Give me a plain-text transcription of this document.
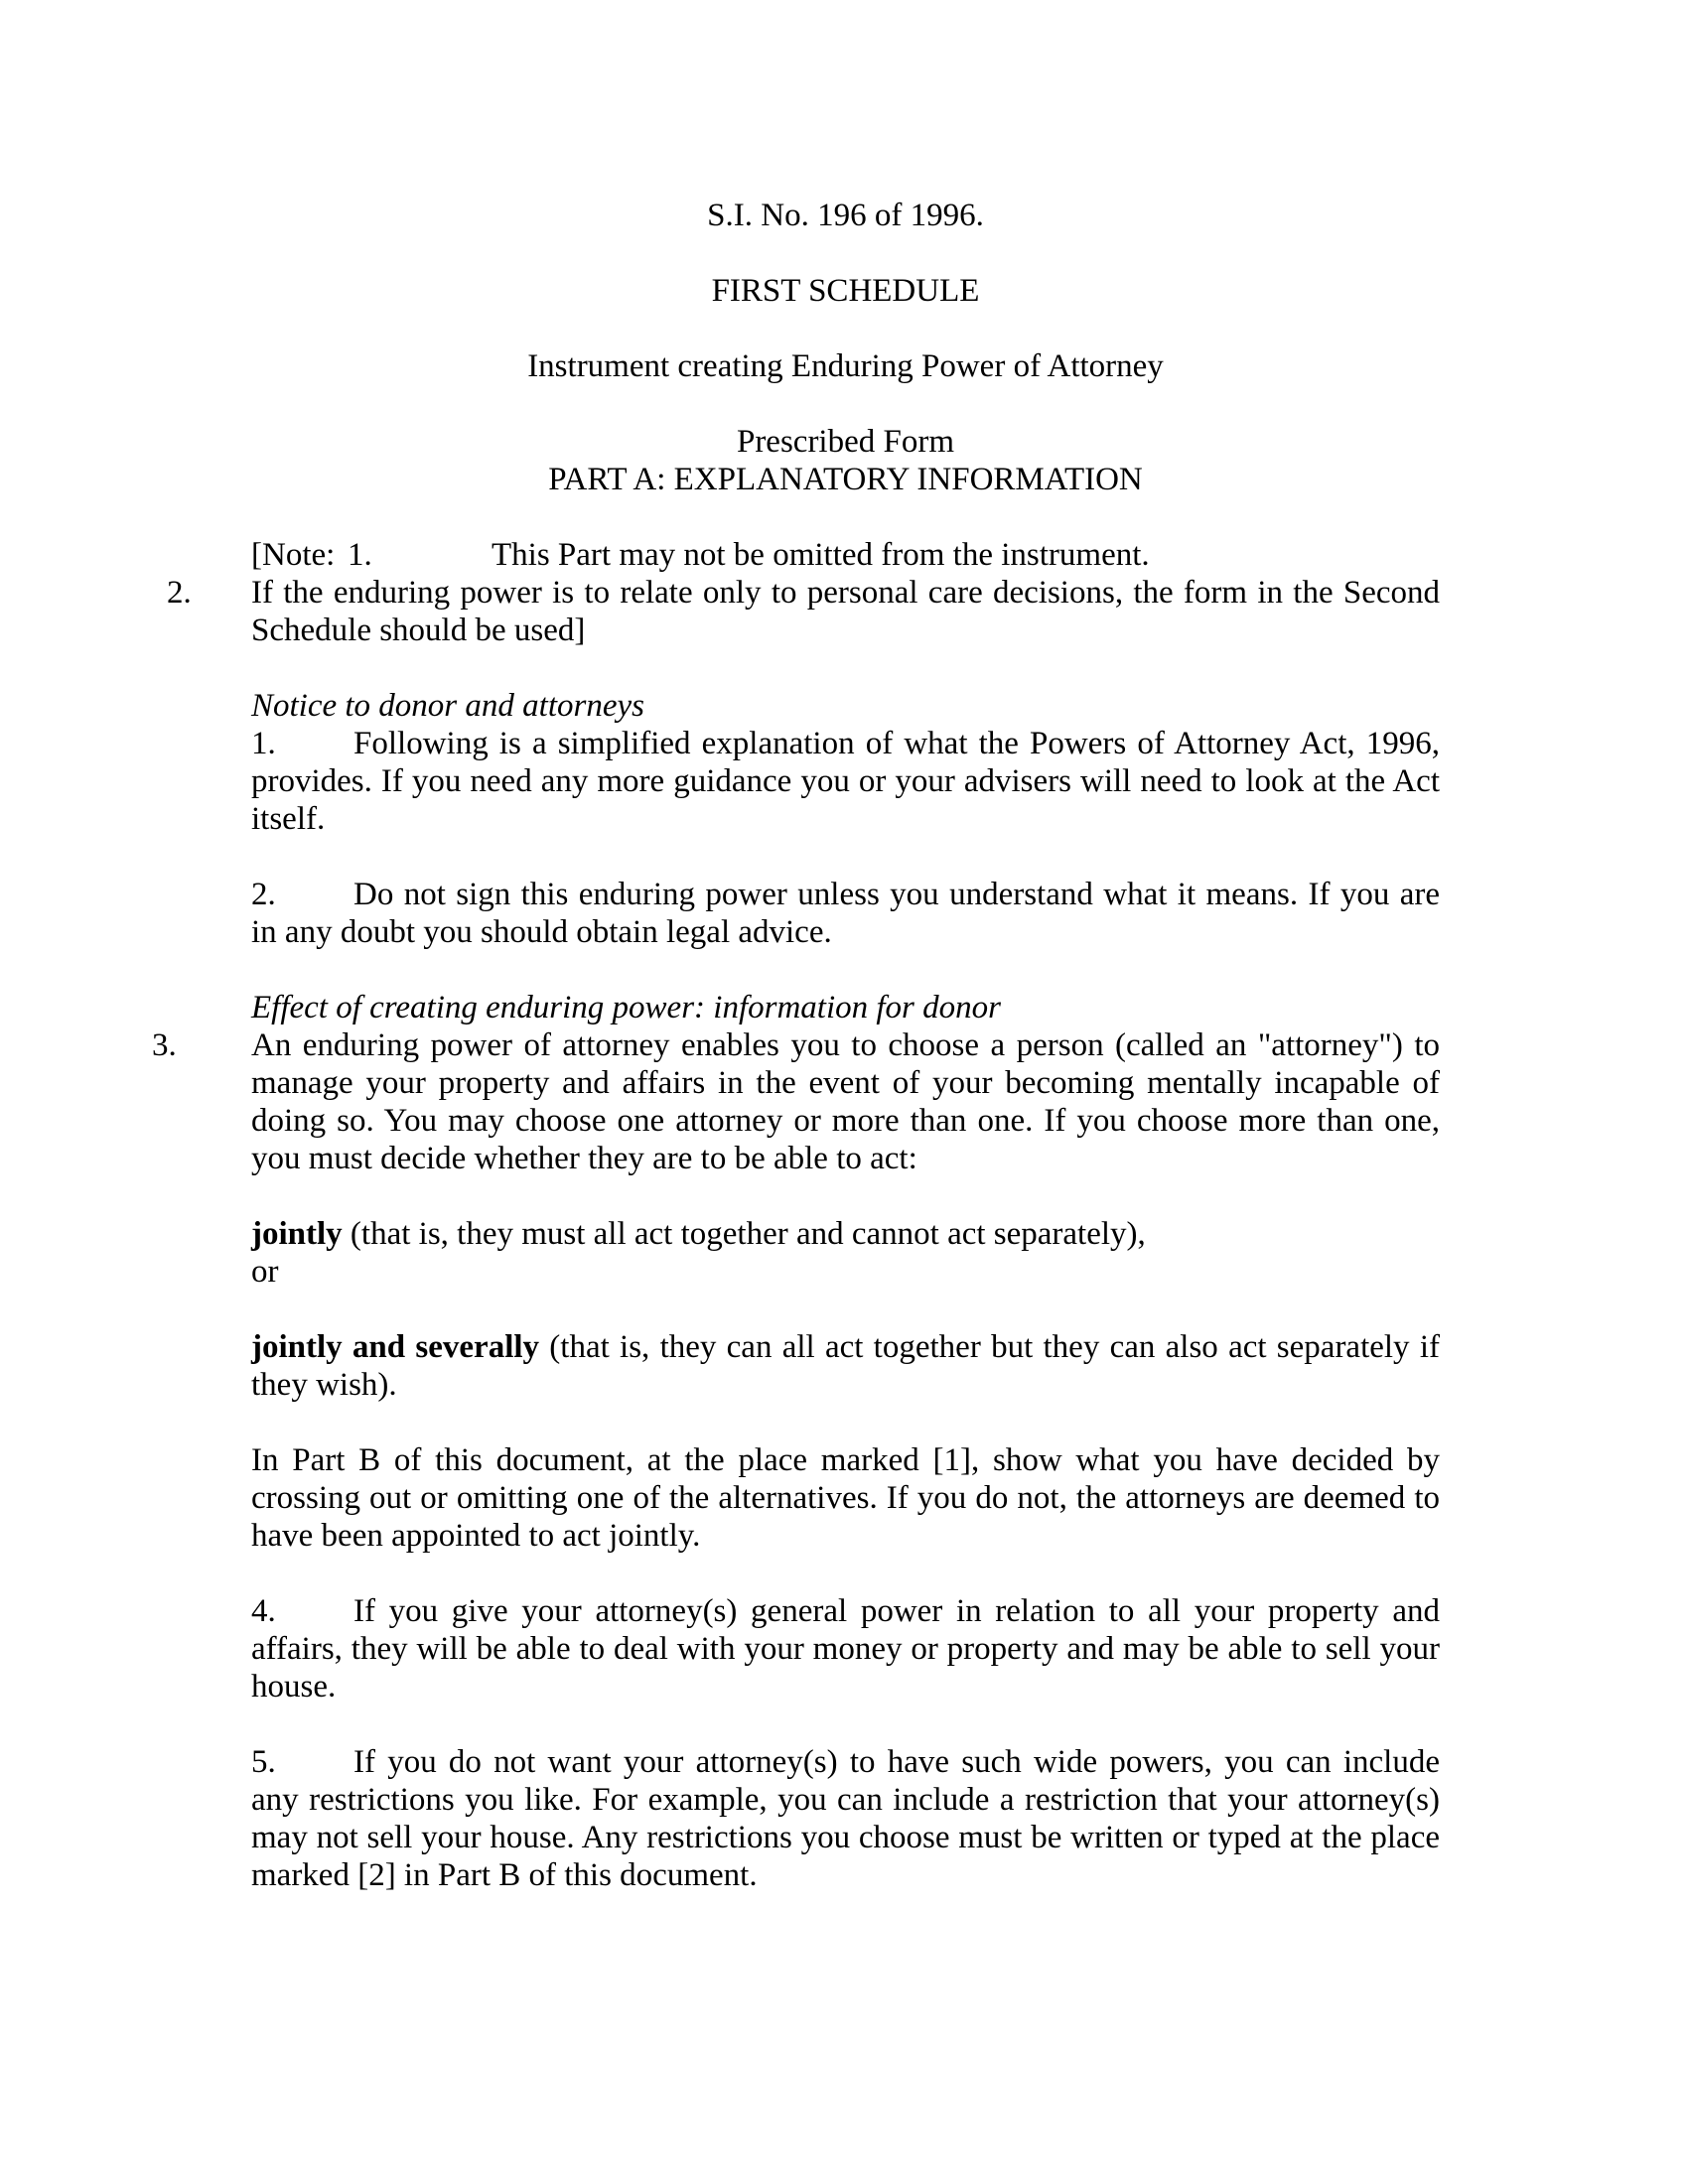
S.I. No. 196 of 1996.

FIRST SCHEDULE

Instrument creating Enduring Power of Attorney

Prescribed Form

PART A: EXPLANATORY INFORMATION

[Note: 1.	This Part may not be omitted from the instrument.

2. If the enduring power is to relate only to personal care decisions, the form in the Second Schedule should be used]

Notice to donor and attorneys

1. Following is a simplified explanation of what the Powers of Attorney Act, 1996, provides. If you need any more guidance you or your advisers will need to look at the Act itself.

2. Do not sign this enduring power unless you understand what it means. If you are in any doubt you should obtain legal advice.

Effect of creating enduring power: information for donor

3. An enduring power of attorney enables you to choose a person (called an "attorney") to manage your property and affairs in the event of your becoming mentally incapable of doing so. You may choose one attorney or more than one. If you choose more than one, you must decide whether they are to be able to act:

jointly (that is, they must all act together and cannot act separately),

or

jointly and severally (that is, they can all act together but they can also act separately if they wish).

In Part B of this document, at the place marked [1], show what you have decided by crossing out or omitting one of the alternatives. If you do not, the attorneys are deemed to have been appointed to act jointly.

4. If you give your attorney(s) general power in relation to all your property and affairs, they will be able to deal with your money or property and may be able to sell your house.

5. If you do not want your attorney(s) to have such wide powers, you can include any restrictions you like. For example, you can include a restriction that your attorney(s) may not sell your house. Any restrictions you choose must be written or typed at the place marked [2] in Part B of this document.
